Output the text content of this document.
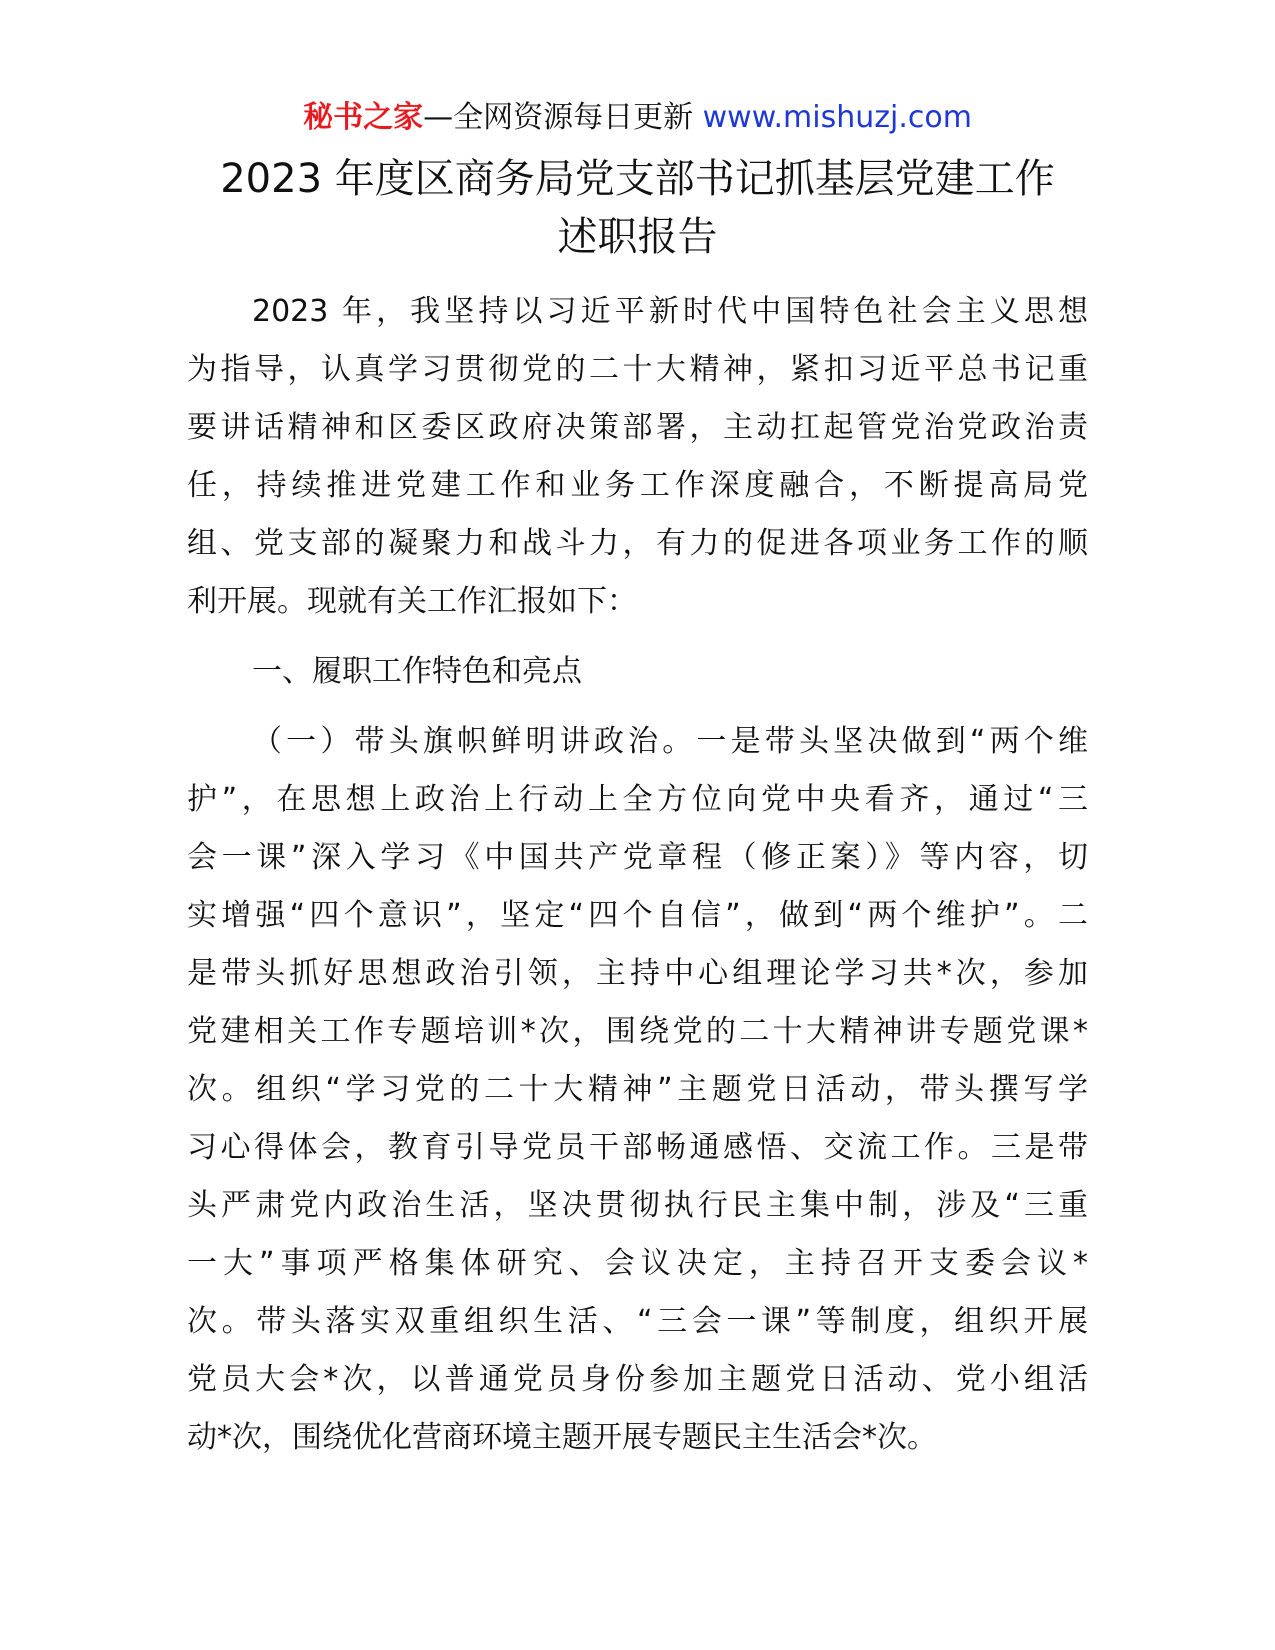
秘书之家—全网资源每日更新 www.mishuzj.com
2023 年度区商务局党支部书记抓基层党建工作
述职报告
2023 年，我坚持以习近平新时代中国特色社会主义思想
为指导，认真学习贯彻党的二十大精神，紧扣习近平总书记重
要讲话精神和区委区政府决策部署，主动扛起管党治党政治责
任，持续推进党建工作和业务工作深度融合，不断提高局党
组、党支部的凝聚力和战斗力，有力的促进各项业务工作的顺
利开展。现就有关工作汇报如下：
一、履职工作特色和亮点
（一）带头旗帜鲜明讲政治。一是带头坚决做到“两个维
护”，在思想上政治上行动上全方位向党中央看齐，通过“三
会一课”深入学习《中国共产党章程（修正案）》等内容，切
实增强“四个意识”，坚定“四个自信”，做到“两个维护”。二
是带头抓好思想政治引领，主持中心组理论学习共*次，参加
党建相关工作专题培训*次，围绕党的二十大精神讲专题党课*
次。组织“学习党的二十大精神”主题党日活动，带头撰写学
习心得体会，教育引导党员干部畅通感悟、交流工作。三是带
头严肃党内政治生活，坚决贯彻执行民主集中制，涉及“三重
一大”事项严格集体研究、会议决定，主持召开支委会议*
次。带头落实双重组织生活、“三会一课”等制度，组织开展
党员大会*次，以普通党员身份参加主题党日活动、党小组活
动*次，围绕优化营商环境主题开展专题民主生活会*次。
